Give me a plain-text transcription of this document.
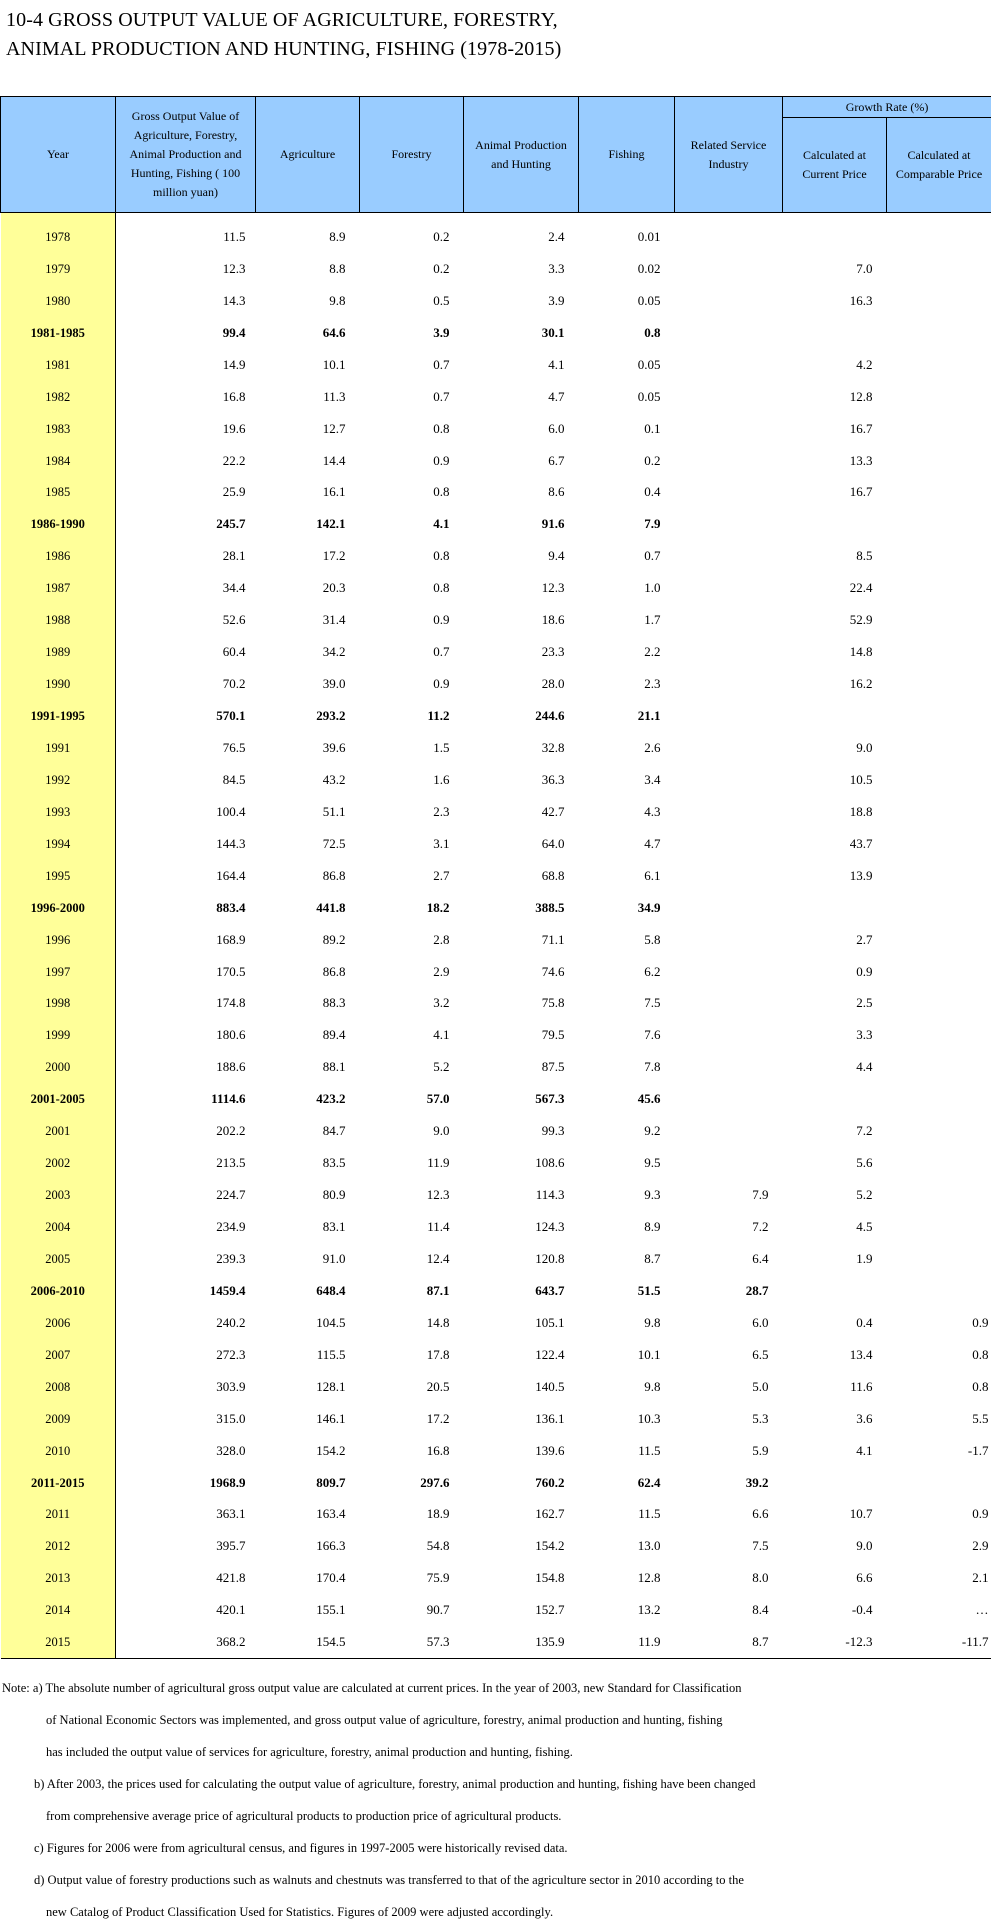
10-4 GROSS OUTPUT VALUE OF AGRICULTURE, FORESTRY,
ANIMAL PRODUCTION AND HUNTING, FISHING (1978-2015)
Year	Gross Output Value of Agriculture, Forestry, Animal Production and Hunting, Fishing ( 100 million yuan)	Agriculture	Forestry	Animal Production and Hunting	Fishing	Related Service Industry	Growth Rate (%)	
							Calculated at Current Price	Calculated at Comparable Price
1978	11.5	8.9	0.2	2.4	0.01			
1979	12.3	8.8	0.2	3.3	0.02		7.0	
1980	14.3	9.8	0.5	3.9	0.05		16.3	
1981-1985	99.4	64.6	3.9	30.1	0.8			
1981	14.9	10.1	0.7	4.1	0.05		4.2	
1982	16.8	11.3	0.7	4.7	0.05		12.8	
1983	19.6	12.7	0.8	6.0	0.1		16.7	
1984	22.2	14.4	0.9	6.7	0.2		13.3	
1985	25.9	16.1	0.8	8.6	0.4		16.7	
1986-1990	245.7	142.1	4.1	91.6	7.9			
1986	28.1	17.2	0.8	9.4	0.7		8.5	
1987	34.4	20.3	0.8	12.3	1.0		22.4	
1988	52.6	31.4	0.9	18.6	1.7		52.9	
1989	60.4	34.2	0.7	23.3	2.2		14.8	
1990	70.2	39.0	0.9	28.0	2.3		16.2	
1991-1995	570.1	293.2	11.2	244.6	21.1			
1991	76.5	39.6	1.5	32.8	2.6		9.0	
1992	84.5	43.2	1.6	36.3	3.4		10.5	
1993	100.4	51.1	2.3	42.7	4.3		18.8	
1994	144.3	72.5	3.1	64.0	4.7		43.7	
1995	164.4	86.8	2.7	68.8	6.1		13.9	
1996-2000	883.4	441.8	18.2	388.5	34.9			
1996	168.9	89.2	2.8	71.1	5.8		2.7	
1997	170.5	86.8	2.9	74.6	6.2		0.9	
1998	174.8	88.3	3.2	75.8	7.5		2.5	
1999	180.6	89.4	4.1	79.5	7.6		3.3	
2000	188.6	88.1	5.2	87.5	7.8		4.4	
2001-2005	1114.6	423.2	57.0	567.3	45.6			
2001	202.2	84.7	9.0	99.3	9.2		7.2	
2002	213.5	83.5	11.9	108.6	9.5		5.6	
2003	224.7	80.9	12.3	114.3	9.3	7.9	5.2	
2004	234.9	83.1	11.4	124.3	8.9	7.2	4.5	
2005	239.3	91.0	12.4	120.8	8.7	6.4	1.9	
2006-2010	1459.4	648.4	87.1	643.7	51.5	28.7		
2006	240.2	104.5	14.8	105.1	9.8	6.0	0.4	0.9
2007	272.3	115.5	17.8	122.4	10.1	6.5	13.4	0.8
2008	303.9	128.1	20.5	140.5	9.8	5.0	11.6	0.8
2009	315.0	146.1	17.2	136.1	10.3	5.3	3.6	5.5
2010	328.0	154.2	16.8	139.6	11.5	5.9	4.1	-1.7
2011-2015	1968.9	809.7	297.6	760.2	62.4	39.2		
2011	363.1	163.4	18.9	162.7	11.5	6.6	10.7	0.9
2012	395.7	166.3	54.8	154.2	13.0	7.5	9.0	2.9
2013	421.8	170.4	75.9	154.8	12.8	8.0	6.6	2.1
2014	420.1	155.1	90.7	152.7	13.2	8.4	-0.4	…
2015	368.2	154.5	57.3	135.9	11.9	8.7	-12.3	-11.7
Note: a) The absolute number of agricultural gross output value are calculated at current prices. In the year of 2003, new Standard for Classification
of National Economic Sectors was implemented, and gross output value of agriculture, forestry, animal production and hunting, fishing
has included the output value of services for agriculture, forestry, animal production and hunting, fishing.
b) After 2003, the prices used for calculating the output value of agriculture, forestry, animal production and hunting, fishing have been changed
from comprehensive average price of agricultural products to production price of agricultural products.
c) Figures for 2006 were from agricultural census, and figures in 1997-2005 were historically revised data.
d) Output value of forestry productions such as walnuts and chestnuts was transferred to that of the agriculture sector in 2010 according to the
new Catalog of Product Classification Used for Statistics. Figures of 2009 were adjusted accordingly.
